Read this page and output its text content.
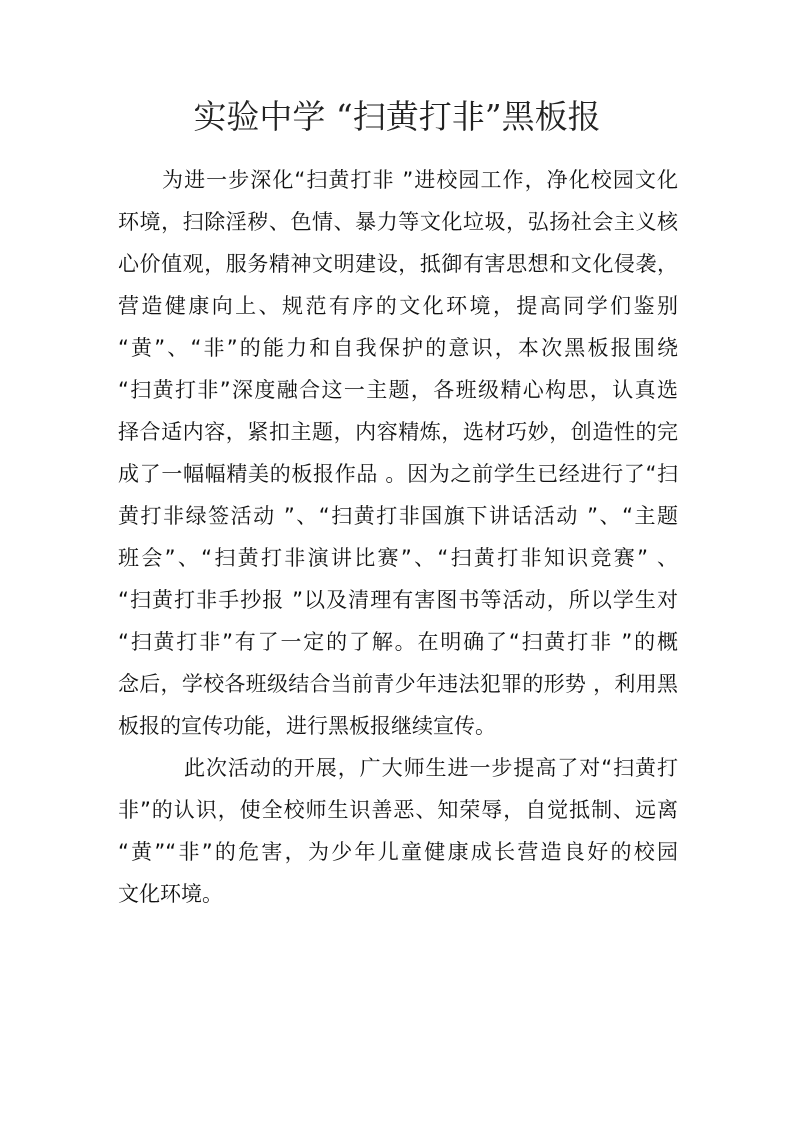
实验中学 “扫黄打非”黑板报
为进一步深化“扫黄打非 ”进校园工作，净化校园文化
环境，扫除淫秽、色情、暴力等文化垃圾，弘扬社会主义核
心价值观，服务精神文明建设，抵御有害思想和文化侵袭，
营造健康向上、规范有序的文化环境，提高同学们鉴别
“黄”、“非”的能力和自我保护的意识，本次黑板报围绕
“扫黄打非”深度融合这一主题，各班级精心构思，认真选
择合适内容，紧扣主题，内容精炼，选材巧妙，创造性的完
成了一幅幅精美的板报作品 。因为之前学生已经进行了“扫
黄打非绿签活动 ”、“扫黄打非国旗下讲话活动 ”、“主题
班会”、“扫黄打非演讲比赛”、“扫黄打非知识竞赛” 、
“扫黄打非手抄报 ”以及清理有害图书等活动，所以学生对
“扫黄打非”有了一定的了解。在明确了“扫黄打非 ”的概
念后，学校各班级结合当前青少年违法犯罪的形势 ，利用黑
板报的宣传功能，进行黑板报继续宣传。
此次活动的开展，广大师生进一步提高了对“扫黄打
非”的认识，使全校师生识善恶、知荣辱，自觉抵制、远离
“黄”“非”的危害，为少年儿童健康成长营造良好的校园
文化环境。
